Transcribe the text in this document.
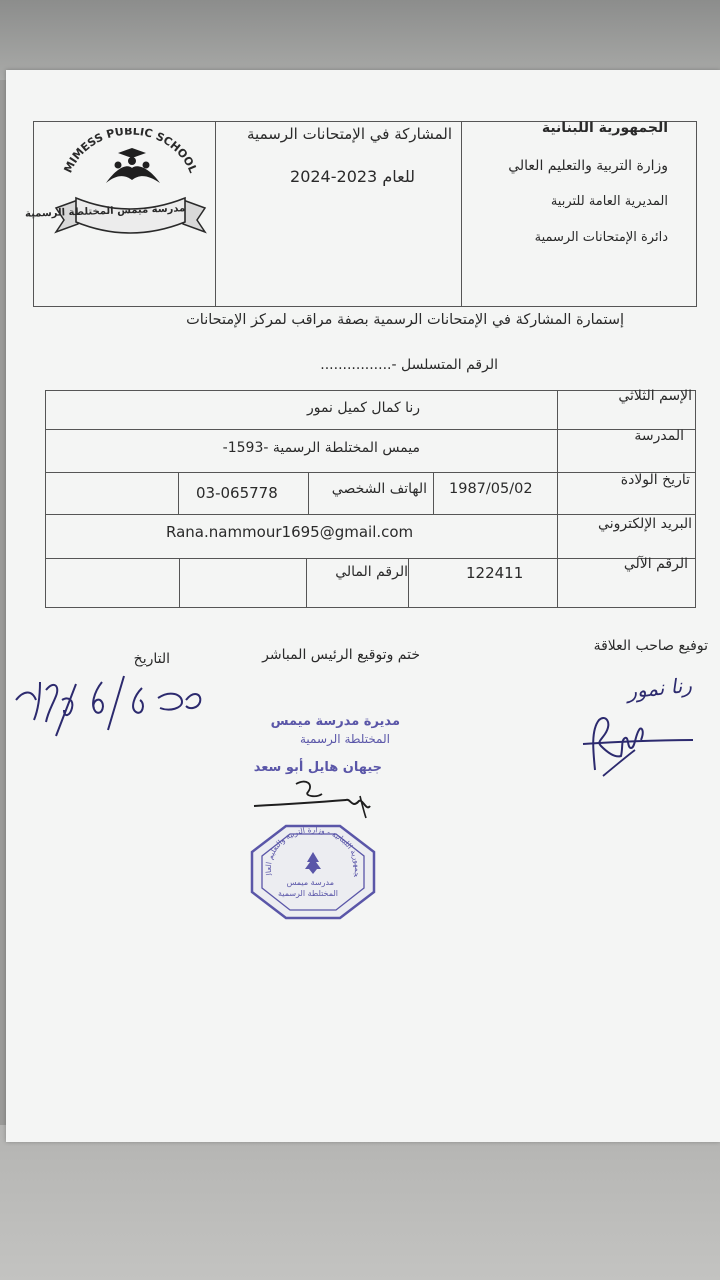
الجمهورية اللبنانية
وزارة التربية والتعليم العالي
المديرية العامة للتربية
دائرة الإمتحانات الرسمية
المشاركة في الإمتحانات الرسمية
للعام 2023-2024
MIMESS PUBLIC SCHOOL
مدرسة ميمس المختلطة الرسمية
إستمارة المشاركة في الإمتحانات الرسمية بصفة مراقب لمركز الإمتحانات
الرقم المتسلسل -................
الإسم الثلاثي
رنا كمال كميل نمور
المدرسة
ميمس المختلطة الرسمية -1593-
تاريخ الولادة
1987/05/02
الهاتف الشخصي
03-065778
البريد الإلكتروني
Rana.nammour1695@gmail.com
الرقم الآلي
122411
الرقم المالي
توفيع صاحب العلاقة
ختم وتوقيع الرئيس المباشر
التاريخ
رنا نمور
مديرة مدرسة ميمس
المختلطة الرسمية
جيهان هايل أبو سعد
جمهورية اللبنانية - وزارة التربية والتعليم العال
مدرسة ميمس
المختلطة الرسمية
